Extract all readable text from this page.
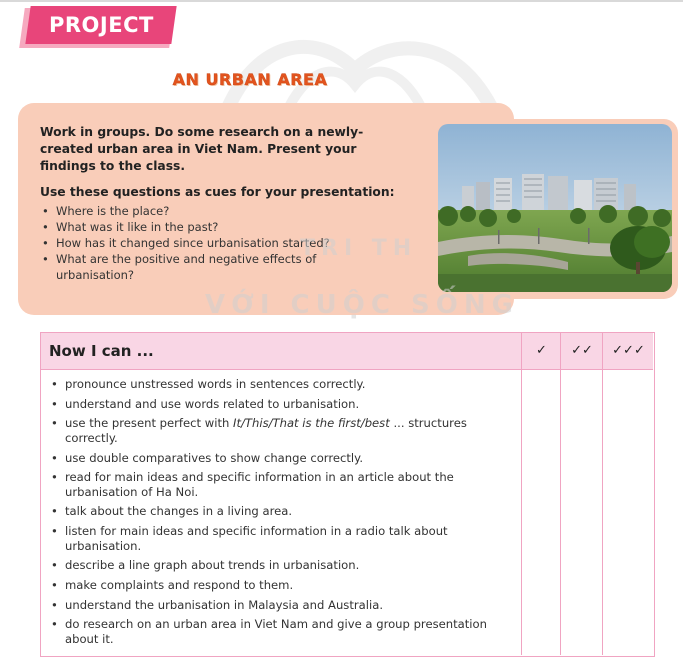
PROJECT
AN URBAN AREA

Work in groups. Do some research on a newly-created urban area in Viet Nam. Present your findings to the class.

Use these questions as cues for your presentation:

• Where is the place?
• What was it like in the past?
• How has it changed since urbanisation started?
• What are the positive and negative effects of urbanisation?
TRI TH
VỚI CUỘC SỐNG
Now I can ...	✓	✓✓	✓✓✓
• pronounce unstressed words in sentences correctly.
• understand and use words related to urbanisation.
• use the present perfect with It/This/That is the first/best ... structures correctly.
• use double comparatives to show change correctly.
• read for main ideas and specific information in an article about the urbanisation of Ha Noi.
• talk about the changes in a living area.
• listen for main ideas and specific information in a radio talk about urbanisation.
• describe a line graph about trends in urbanisation.
• make complaints and respond to them.
• understand the urbanisation in Malaysia and Australia.
• do research on an urban area in Viet Nam and give a group presentation about it.
